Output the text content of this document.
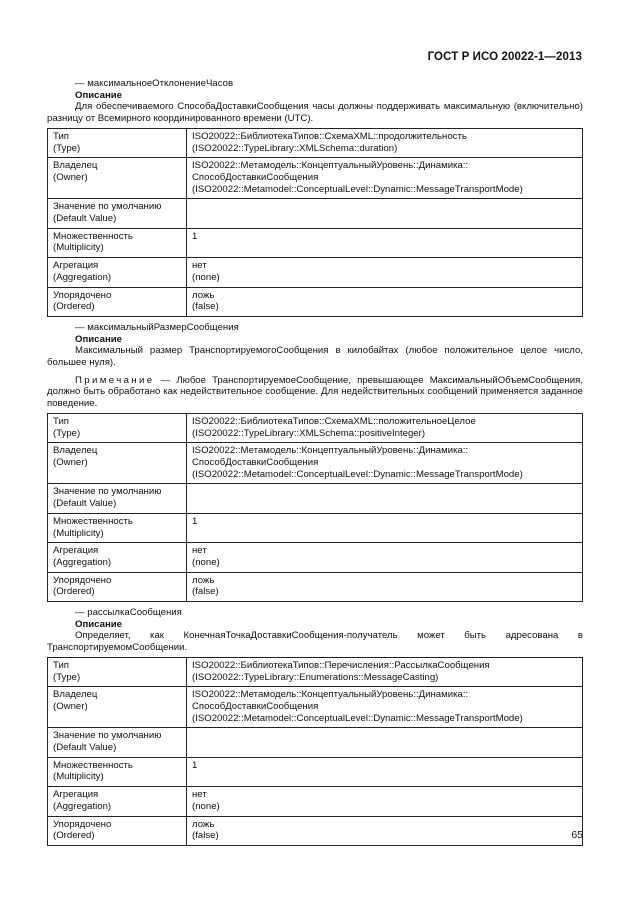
ГОСТ Р ИСО 20022-1—2013
— максимальноеОтклонениеЧасов
Описание

Для обеспечиваемого СпособаДоставкиСообщения часы должны поддерживать максимальную (включительно) разницу от Всемирного координированного времени (UTC).

Тип
(Type)	ISO20022::БиблиотекаТипов::СхемаXML::продолжительность
(ISO20022::TypeLibrary::XMLSchema::duration)

Владелец
(Owner)	ISO20022::Метамодель::КонцептуальныйУровень::Динамика::
СпособДоставкиСообщения
(ISO20022::Metamodel::ConceptualLevel::Dynamic::MessageTransportMode)

Значение по умолчанию
(Default Value)	

Множественность
(Multiplicity)	1

Агрегация
(Aggregation)	нет
(none)

Упорядочено
(Ordered)	ложь
(false)
— максимальныйРазмерСообщения
Описание

Максимальный размер ТранспортируемогоСообщения в килобайтах (любое положительное целое число, большее нуля).

Примечание — Любое ТранспортируемоеСообщение, превышающее МаксимальныйОбъемСообщения, должно быть обработано как недействительное сообщение. Для недействительных сообщений применяется заданное поведение.

Тип
(Type)	ISO20022::БиблиотекаТипов::СхемаXML::положительноеЦелое
(ISO20022::TypeLibrary::XMLSchema::positiveInteger)

Владелец
(Owner)	ISO20022::Метамодель::КонцептуальныйУровень::Динамика::
СпособДоставкиСообщения
(ISO20022::Metamodel::ConceptualLevel::Dynamic::MessageTransportMode)

Значение по умолчанию
(Default Value)	

Множественность
(Multiplicity)	1

Агрегация
(Aggregation)	нет
(none)

Упорядочено
(Ordered)	ложь
(false)
— рассылкаСообщения
Описание

Определяет, как КонечнаяТочкаДоставкиСообщения-получатель может быть адресована в ТранспортируемомСообщении.

Тип
(Type)	ISO20022::БиблиотекаТипов::Перечисления::РассылкаСообщения
(ISO20022::TypeLibrary::Enumerations::MessageCasting)

Владелец
(Owner)	ISO20022::Метамодель::КонцептуальныйУровень::Динамика::
СпособДоставкиСообщения
(ISO20022::Metamodel::ConceptualLevel::Dynamic::MessageTransportMode)

Значение по умолчанию
(Default Value)	

Множественность
(Multiplicity)	1

Агрегация
(Aggregation)	нет
(none)

Упорядочено
(Ordered)	ложь
(false)	65
